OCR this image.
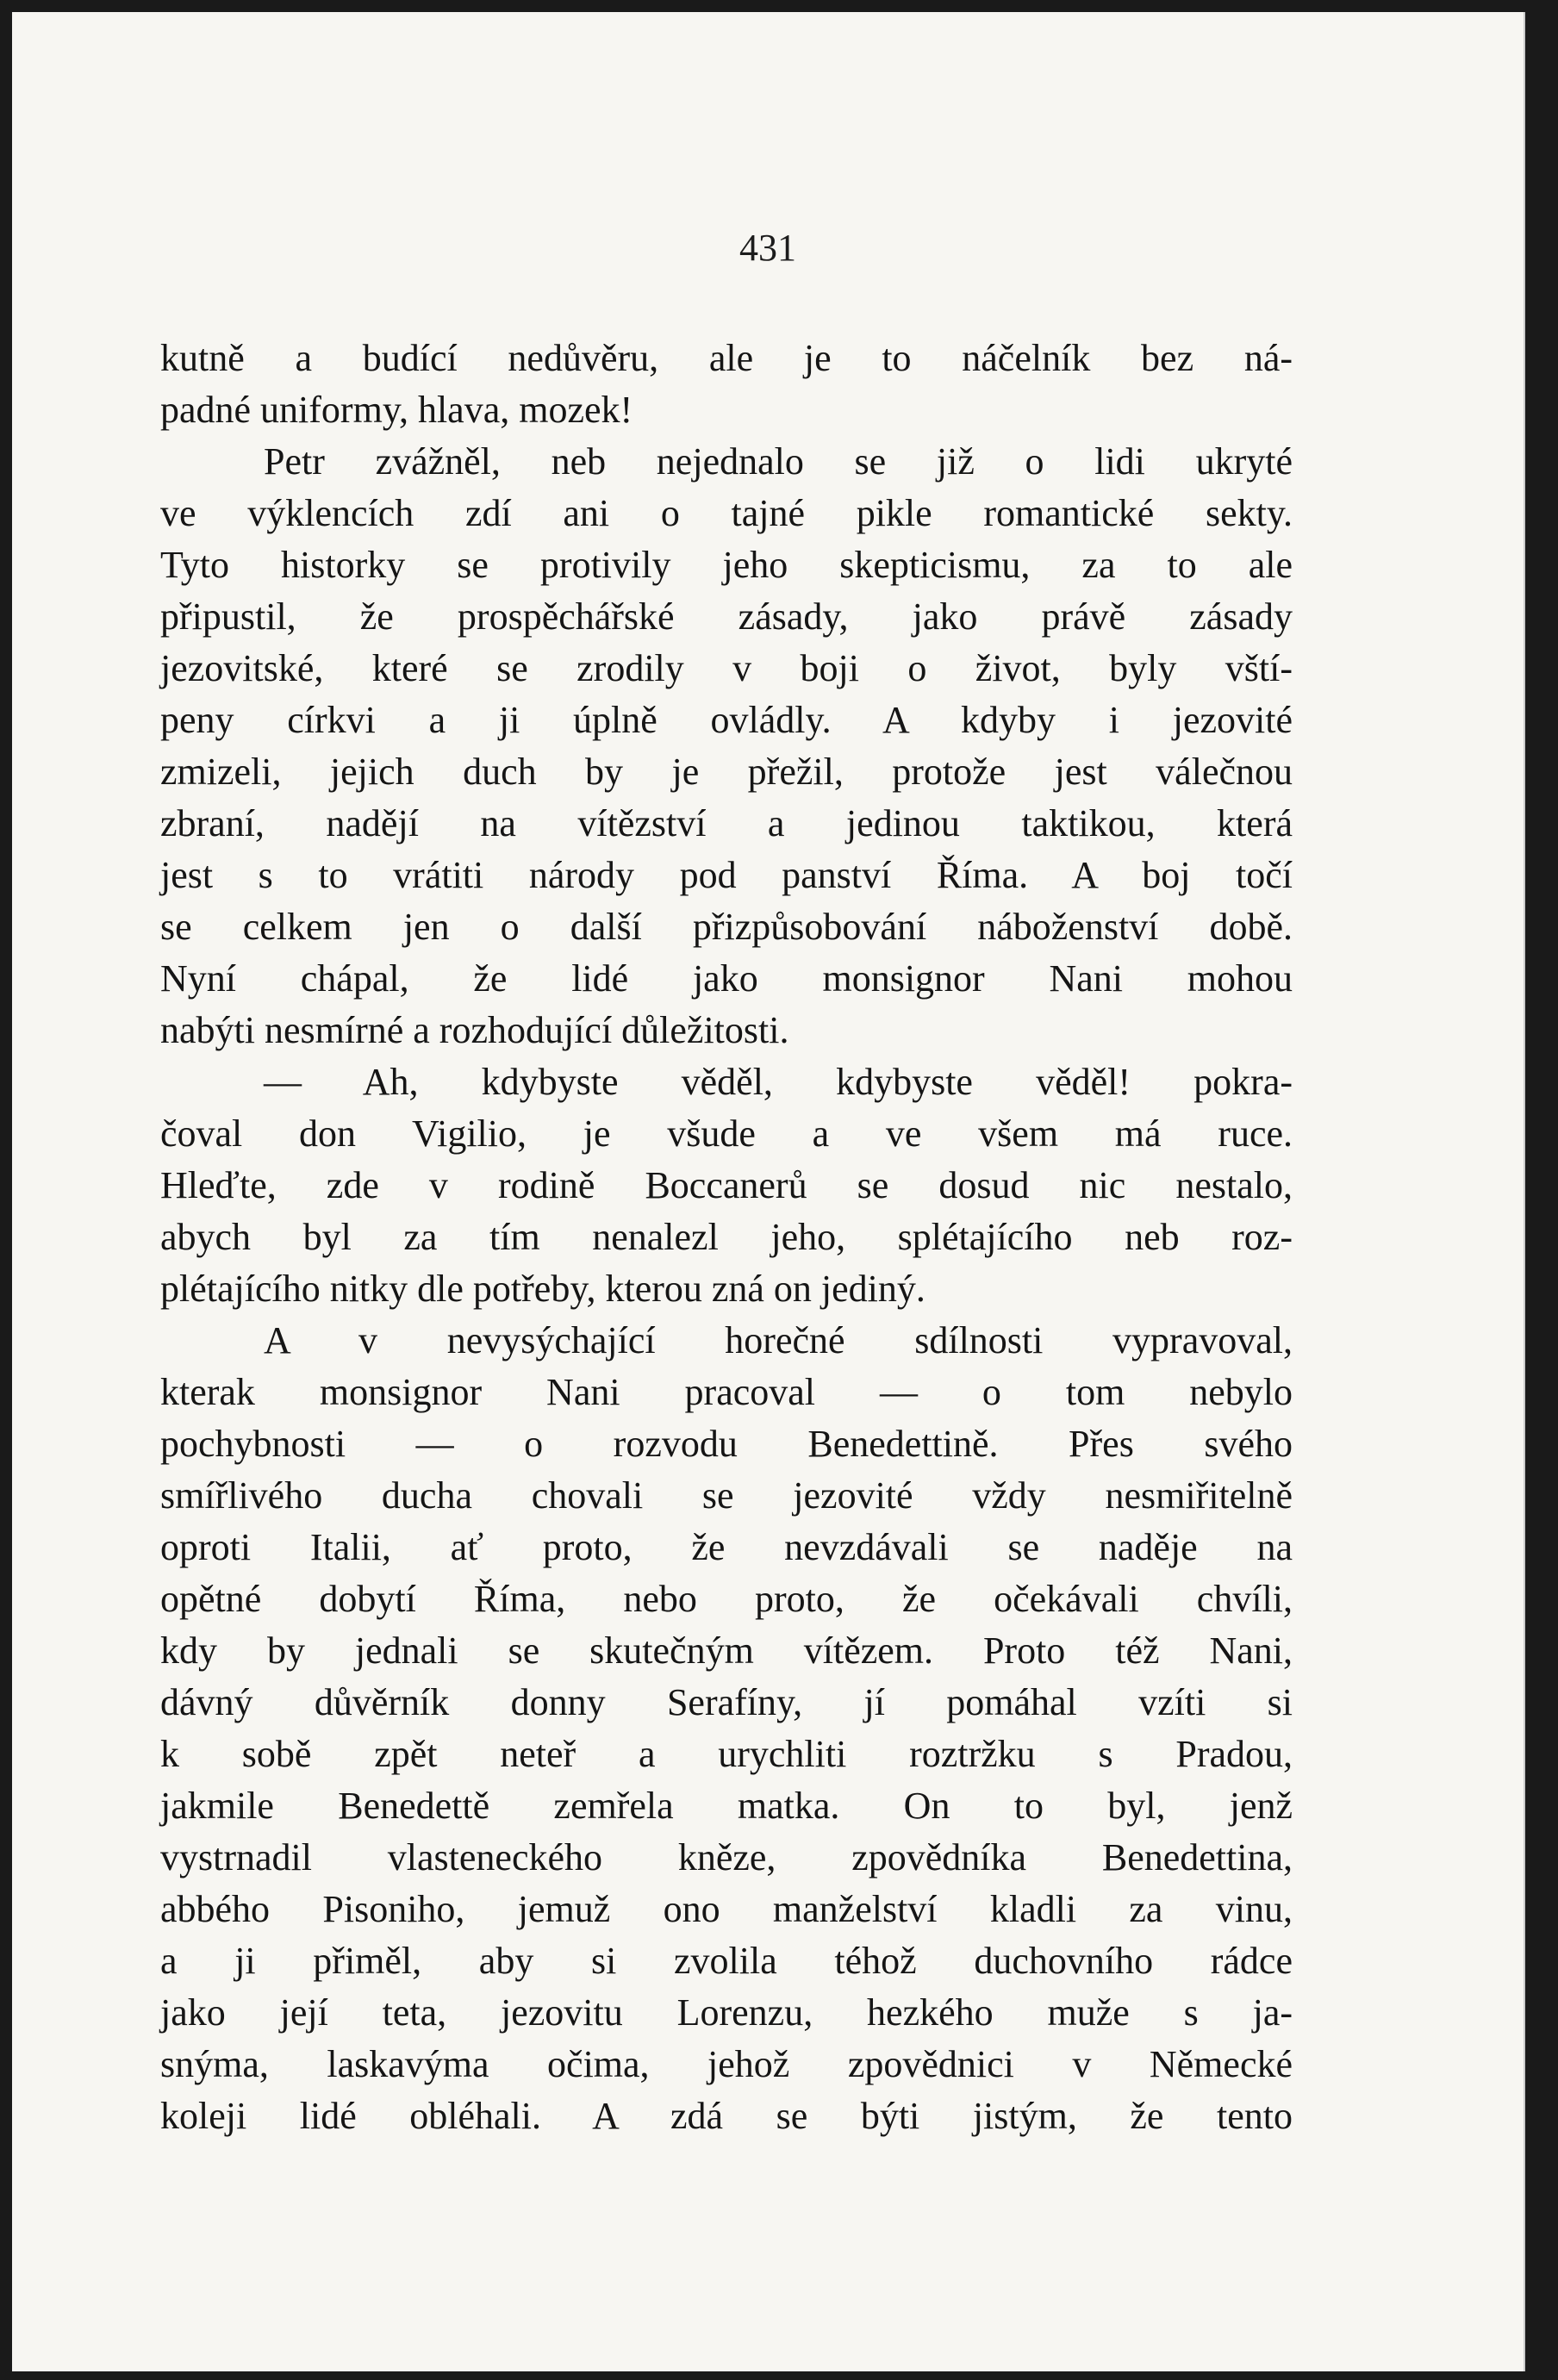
431
kutně a budící nedůvěru, ale je to náčelník bez ná-
padné uniformy, hlava, mozek!
Petr zvážněl, neb nejednalo se již o lidi ukryté
ve výklencích zdí ani o tajné pikle romantické sekty.
Tyto historky se protivily jeho skepticismu, za to ale
připustil, že prospěchářské zásady, jako právě zásady
jezovitské, které se zrodily v boji o život, byly vští-
peny církvi a ji úplně ovládly. A kdyby i jezovité
zmizeli, jejich duch by je přežil, protože jest válečnou
zbraní, nadějí na vítězství a jedinou taktikou, která
jest s to vrátiti národy pod panství Říma. A boj točí
se celkem jen o další přizpůsobování náboženství době.
Nyní chápal, že lidé jako monsignor Nani mohou
nabýti nesmírné a rozhodující důležitosti.
— Ah, kdybyste věděl, kdybyste věděl! pokra-
čoval don Vigilio, je všude a ve všem má ruce.
Hleďte, zde v rodině Boccanerů se dosud nic nestalo,
abych byl za tím nenalezl jeho, splétajícího neb roz-
plétajícího nitky dle potřeby, kterou zná on jediný.
A v nevysýchající horečné sdílnosti vypravoval,
kterak monsignor Nani pracoval — o tom nebylo
pochybnosti — o rozvodu Benedettině. Přes svého
smířlivého ducha chovali se jezovité vždy nesmiřitelně
oproti Italii, ať proto, že nevzdávali se naděje na
opětné dobytí Říma, nebo proto, že očekávali chvíli,
kdy by jednali se skutečným vítězem. Proto též Nani,
dávný důvěrník donny Serafíny, jí pomáhal vzíti si
k sobě zpět neteř a urychliti roztržku s Pradou,
jakmile Benedettě zemřela matka. On to byl, jenž
vystrnadil vlasteneckého kněze, zpovědníka Benedettina,
abbého Pisoniho, jemuž ono manželství kladli za vinu,
a ji přiměl, aby si zvolila téhož duchovního rádce
jako její teta, jezovitu Lorenzu, hezkého muže s ja-
snýma, laskavýma očima, jehož zpovědnici v Německé
koleji lidé obléhali. A zdá se býti jistým, že tento
